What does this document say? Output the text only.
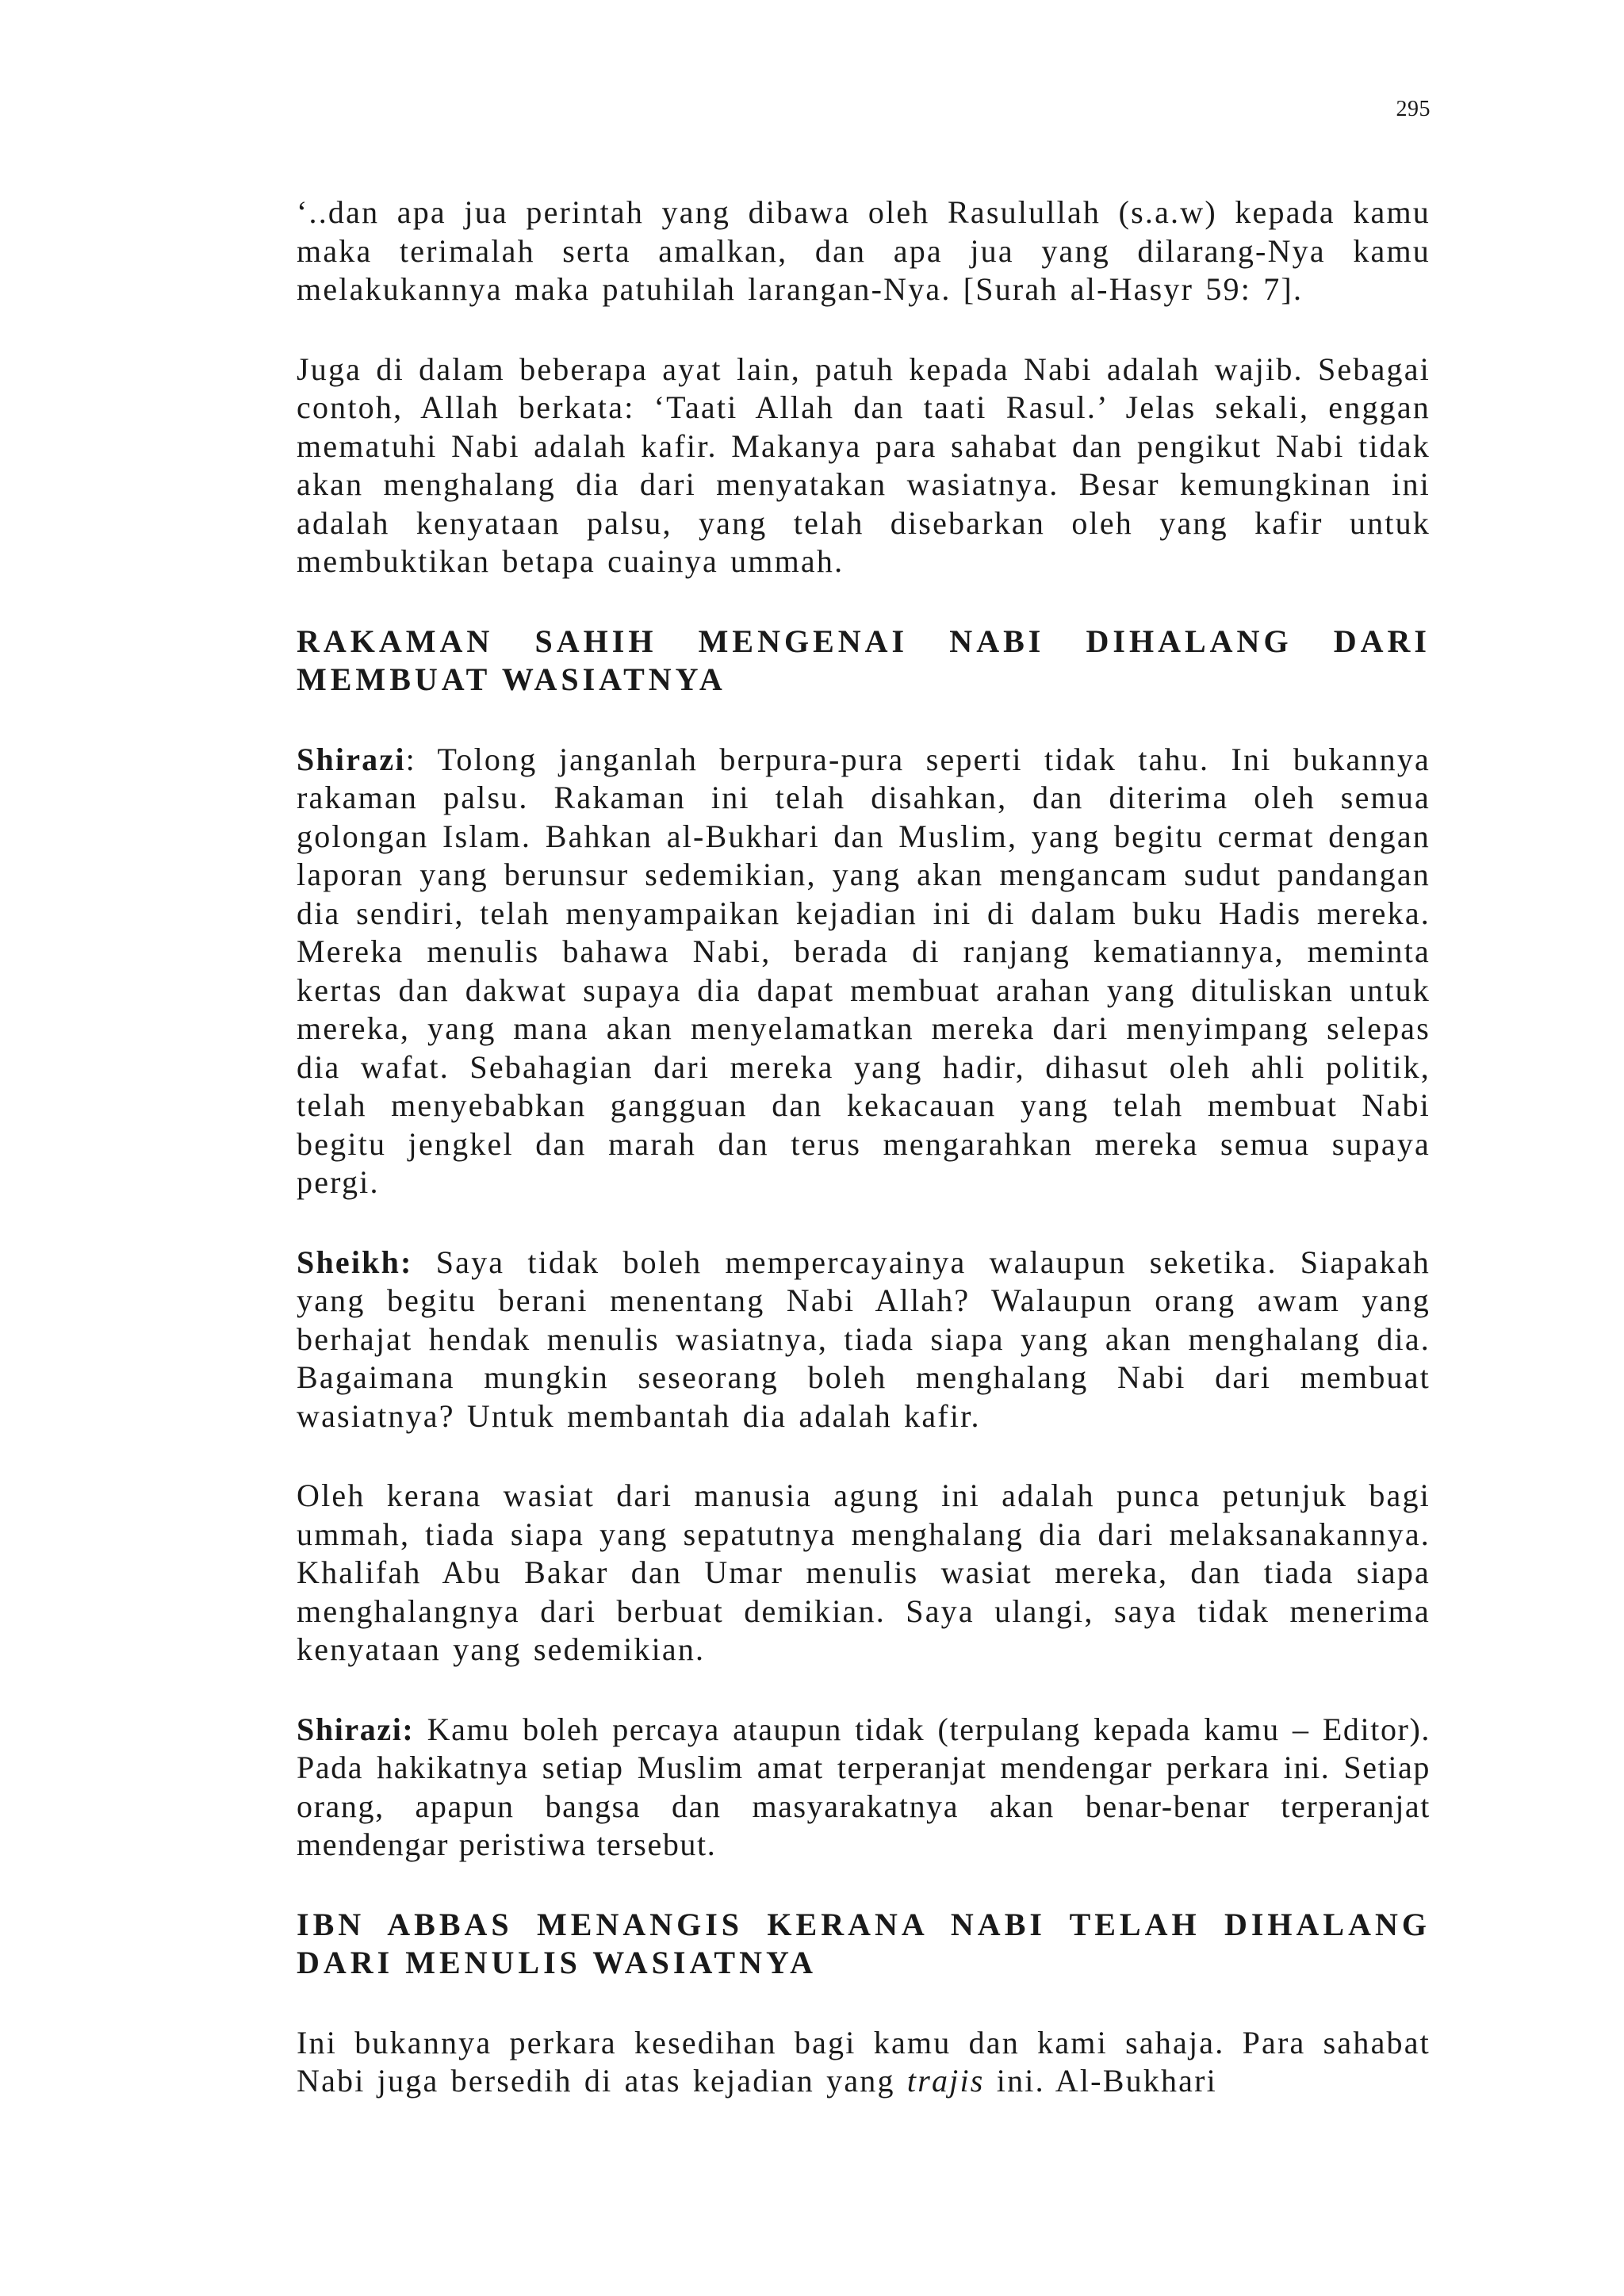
295

‘..dan apa jua perintah yang dibawa oleh Rasulullah (s.a.w) kepada kamu maka terimalah serta amalkan, dan apa jua yang dilarang-Nya kamu melakukannya maka patuhilah larangan-Nya. [Surah al-Hasyr 59: 7].

Juga di dalam beberapa ayat lain, patuh kepada Nabi adalah wajib. Sebagai contoh, Allah berkata: ‘Taati Allah dan taati Rasul.’ Jelas sekali, enggan mematuhi Nabi adalah kafir. Makanya para sahabat dan pengikut Nabi tidak akan menghalang dia dari menyatakan wasiatnya. Besar kemungkinan ini adalah kenyataan palsu, yang telah disebarkan oleh yang kafir untuk membuktikan betapa cuainya ummah.

RAKAMAN SAHIH MENGENAI NABI DIHALANG DARI MEMBUAT WASIATNYA

Shirazi: Tolong janganlah berpura-pura seperti tidak tahu. Ini bukannya rakaman palsu. Rakaman ini telah disahkan, dan diterima oleh semua golongan Islam. Bahkan al-Bukhari dan Muslim, yang begitu cermat dengan laporan yang berunsur sedemikian, yang akan mengancam sudut pandangan dia sendiri, telah menyampaikan kejadian ini di dalam buku Hadis mereka. Mereka menulis bahawa Nabi, berada di ranjang kematiannya, meminta kertas dan dakwat supaya dia dapat membuat arahan yang dituliskan untuk mereka, yang mana akan menyelamatkan mereka dari menyimpang selepas dia wafat. Sebahagian dari mereka yang hadir, dihasut oleh ahli politik, telah menyebabkan gangguan dan kekacauan yang telah membuat Nabi begitu jengkel dan marah dan terus mengarahkan mereka semua supaya pergi.

Sheikh: Saya tidak boleh mempercayainya walaupun seketika. Siapakah yang begitu berani menentang Nabi Allah? Walaupun orang awam yang berhajat hendak menulis wasiatnya, tiada siapa yang akan menghalang dia. Bagaimana mungkin seseorang boleh menghalang Nabi dari membuat wasiatnya? Untuk membantah dia adalah kafir.

Oleh kerana wasiat dari manusia agung ini adalah punca petunjuk bagi ummah, tiada siapa yang sepatutnya menghalang dia dari melaksanakannya. Khalifah Abu Bakar dan Umar menulis wasiat mereka, dan tiada siapa menghalangnya dari berbuat demikian. Saya ulangi, saya tidak menerima kenyataan yang sedemikian.

Shirazi: Kamu boleh percaya ataupun tidak (terpulang kepada kamu – Editor). Pada hakikatnya setiap Muslim amat terperanjat mendengar perkara ini. Setiap orang, apapun bangsa dan masyarakatnya akan benar-benar terperanjat mendengar peristiwa tersebut.

IBN ABBAS MENANGIS KERANA NABI TELAH DIHALANG DARI MENULIS WASIATNYA

Ini bukannya perkara kesedihan bagi kamu dan kami sahaja. Para sahabat Nabi juga bersedih di atas kejadian yang trajis ini. Al-Bukhari
